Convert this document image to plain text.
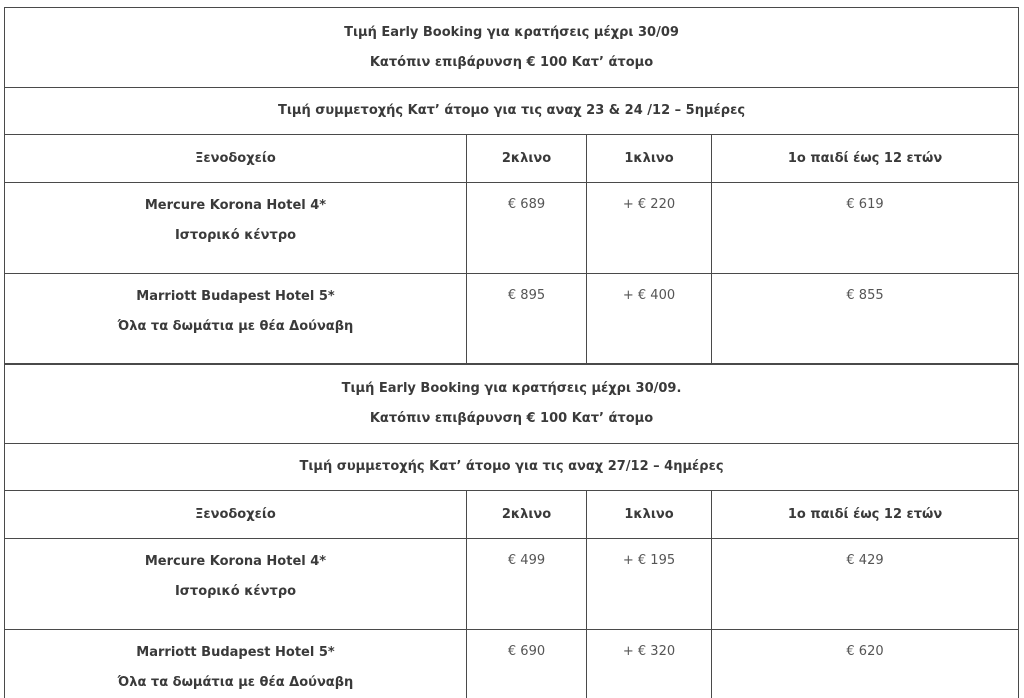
Τιμή Early Booking για κρατήσεις μέχρι 30/09
Κατόπιν επιβάρυνση € 100 Κατ’ άτομο			

Τιμή συμμετοχής Κατ’ άτομο για τις αναχ 23 & 24 /12 – 5ημέρες			
Ξενοδοχείο	2κλινο	1κλινο	1ο παιδί έως 12 ετών

Mercure Korona Hotel 4*
Ιστορικό κέντρο	€ 689	+ € 220	€ 619

Marriott Budapest Hotel 5*
Όλα τα δωμάτια με θέα Δούναβη	€ 895	+ € 400	€ 855
Τιμή Early Booking για κρατήσεις μέχρι 30/09.
Κατόπιν επιβάρυνση € 100 Κατ’ άτομο			

Τιμή συμμετοχής Κατ’ άτομο για τις αναχ 27/12 – 4ημέρες			
Ξενοδοχείο	2κλινο	1κλινο	1ο παιδί έως 12 ετών

Mercure Korona Hotel 4*
Ιστορικό κέντρο	€ 499	+ € 195	€ 429

Marriott Budapest Hotel 5*
Όλα τα δωμάτια με θέα Δούναβη	€ 690	+ € 320	€ 620
